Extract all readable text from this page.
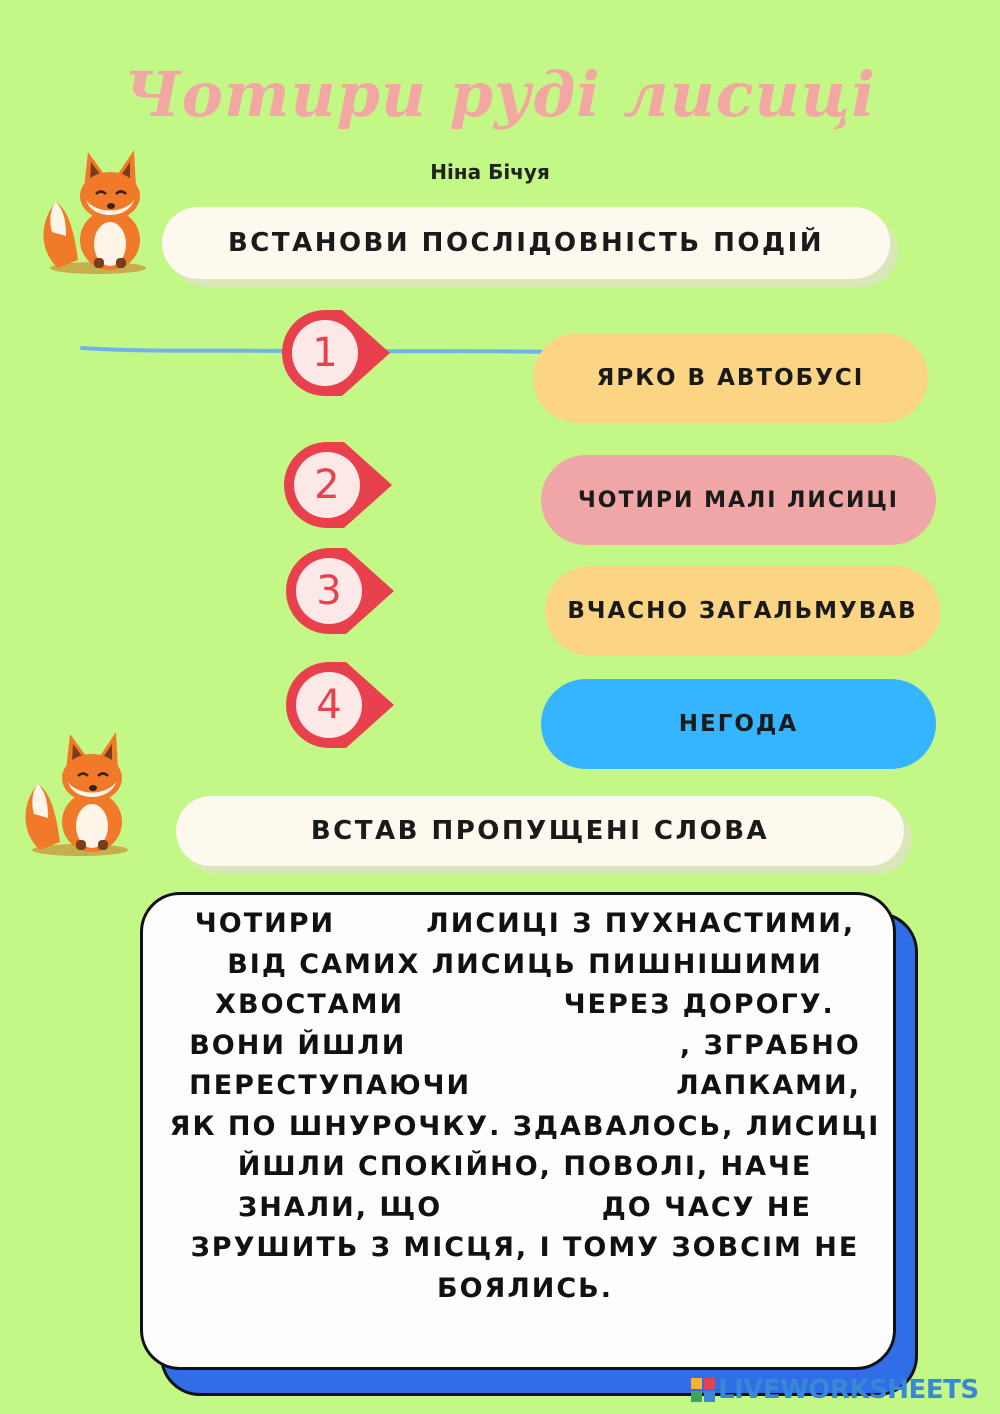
Чотири руді лисиці
Ніна Бічуя
ВСТАНОВИ ПОСЛІДОВНІСТЬ ПОДІЙ
1
2
3
4
ЯРКО В АВТОБУСІ
ЧОТИРИ МАЛІ ЛИСИЦІ
ВЧАСНО ЗАГАЛЬМУВАВ
НЕГОДА
ВСТАВ ПРОПУЩЕНІ СЛОВА
ЧОТИРИ        ЛИСИЦІ З ПУХНАСТИМИ,
ВІД САМИХ ЛИСИЦЬ ПИШНІШИМИ
ХВОСТАМИ              ЧЕРЕЗ ДОРОГУ.
ВОНИ ЙШЛИ                        , ЗГРАБНО
ПЕРЕСТУПАЮЧИ                  ЛАПКАМИ,
ЯК ПО ШНУРОЧКУ. ЗДАВАЛОСЬ, ЛИСИЦІ
ЙШЛИ СПОКІЙНО, ПОВОЛІ, НАЧЕ
ЗНАЛИ, ЩО              ДО ЧАСУ НЕ
ЗРУШИТЬ З МІСЦЯ, І ТОМУ ЗОВСІМ НЕ
БОЯЛИСЬ.
LIVEWORKSHEETS
